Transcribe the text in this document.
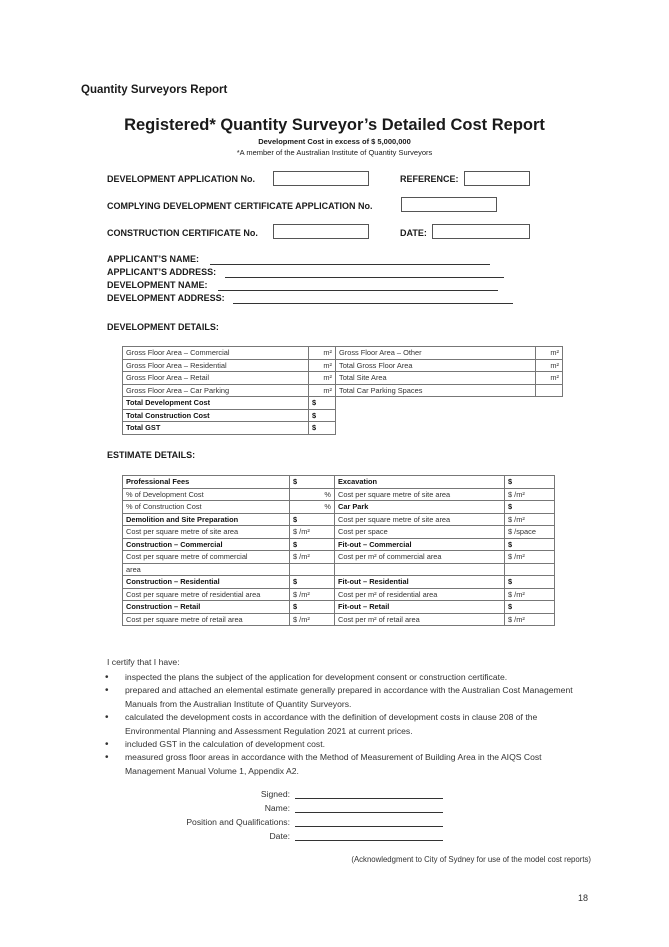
Quantity Surveyors Report
Registered* Quantity Surveyor’s Detailed Cost Report
Development Cost in excess of $ 5,000,000
*A member of the Australian Institute of Quantity Surveyors
DEVELOPMENT APPLICATION No.	REFERENCE:
COMPLYING DEVELOPMENT CERTIFICATE APPLICATION No.
CONSTRUCTION CERTIFICATE No.	DATE:
APPLICANT’S NAME:
APPLICANT’S ADDRESS:
DEVELOPMENT NAME:
DEVELOPMENT ADDRESS:
DEVELOPMENT DETAILS:
Gross Floor Area – Commercial	m²	Gross Floor Area – Other	m²
Gross Floor Area – Residential	m²	Total Gross Floor Area	m²
Gross Floor Area – Retail	m²	Total Site Area	m²
Gross Floor Area – Car Parking	m²	Total Car Parking Spaces	
Total Development Cost	$		
Total Construction Cost	$		
Total GST	$		
ESTIMATE DETAILS:
Professional Fees	$	Excavation	$
% of Development Cost	%	Cost per square metre of site area	$ /m²
% of Construction Cost	%	Car Park	$
Demolition and Site Preparation	$	Cost per square metre of site area	$ /m²
Cost per square metre of site area	$ /m²	Cost per space	$ /space
Construction – Commercial	$	Fit-out – Commercial	$
Cost per square metre of commercial	$ /m²	Cost per m² of commercial area	$ /m²
area			
Construction – Residential	$	Fit-out – Residential	$
Cost per square metre of residential area	$ /m²	Cost per m² of residential area	$ /m²
Construction – Retail	$	Fit-out – Retail	$
Cost per square metre of retail area	$ /m²	Cost per m² of retail area	$ /m²
I certify that I have:
• inspected the plans the subject of the application for development consent or construction certificate.
• prepared and attached an elemental estimate generally prepared in accordance with the Australian Cost Management Manuals from the Australian Institute of Quantity Surveyors.
• calculated the development costs in accordance with the definition of development costs in clause 208 of the Environmental Planning and Assessment Regulation 2021 at current prices.
• included GST in the calculation of development cost.
• measured gross floor areas in accordance with the Method of Measurement of Building Area in the AIQS Cost Management Manual Volume 1, Appendix A2.
Signed:
Name:
Position and Qualifications:
Date:
(Acknowledgment to City of Sydney for use of the model cost reports)
18
